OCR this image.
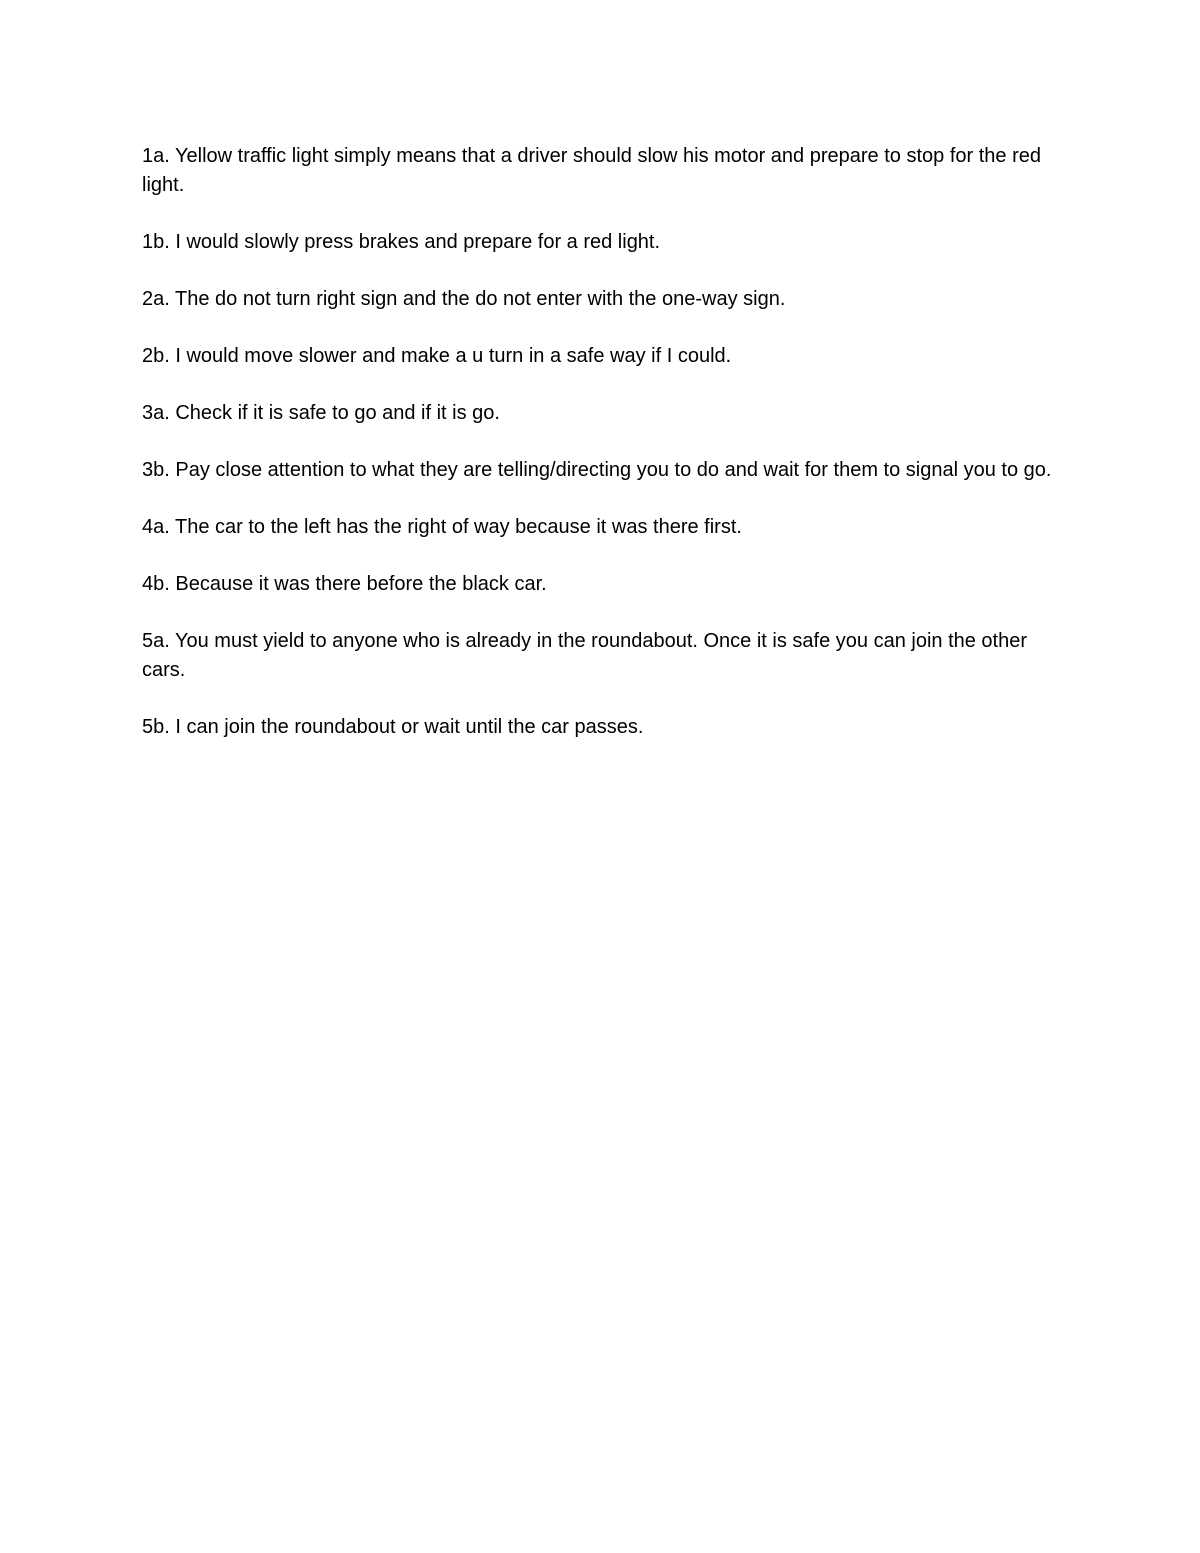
1a. Yellow traffic light simply means that a driver should slow his motor and prepare to stop for the red light.

1b. I would slowly press brakes and prepare for a red light.

2a. The do not turn right sign and the do not enter with the one-way sign.

2b. I would move slower and make a u turn in a safe way if I could.

3a. Check if it is safe to go and if it is go.

3b. Pay close attention to what they are telling/directing you to do and wait for them to signal you to go.

4a. The car to the left has the right of way because it was there first.

4b. Because it was there before the black car.

5a. You must yield to anyone who is already in the roundabout. Once it is safe you can join the other cars.

5b. I can join the roundabout or wait until the car passes.
